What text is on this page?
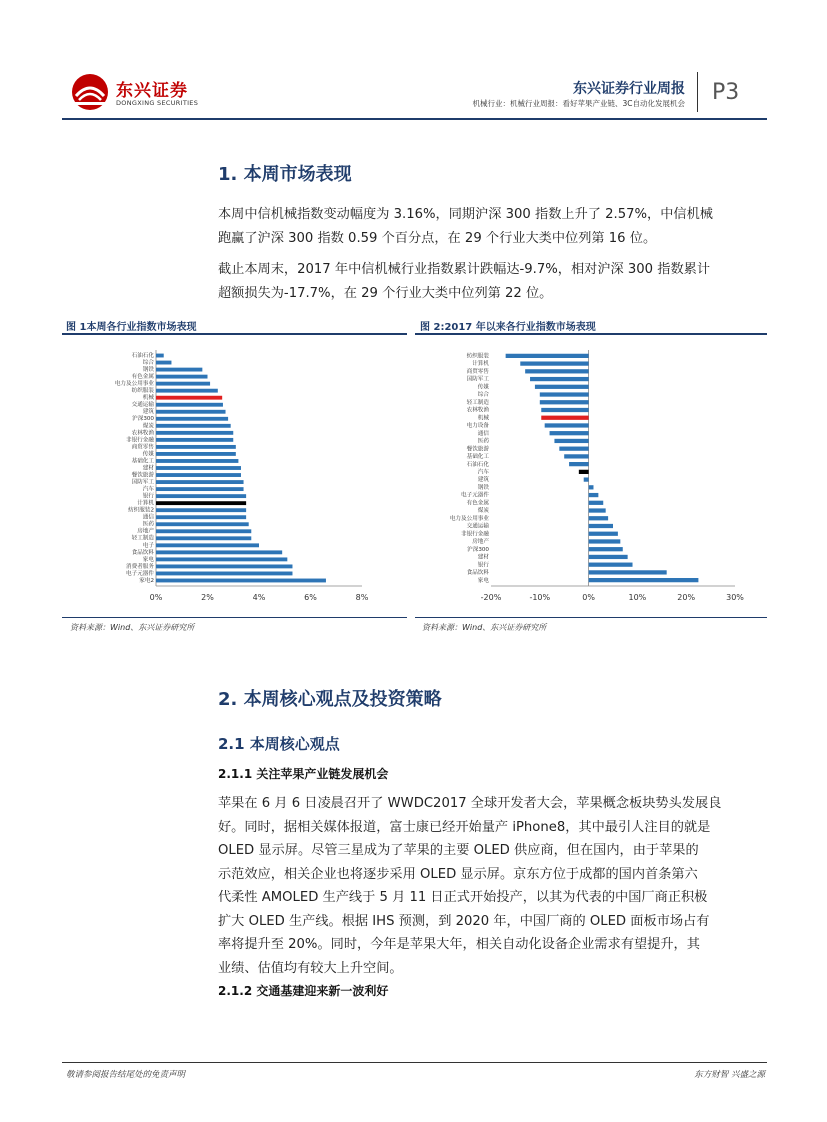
东兴证券
DONGXING SECURITIES
东兴证券行业周报
机械行业：机械行业周报：看好苹果产业链、3C自动化发展机会 P3
1. 本周市场表现
本周中信机械指数变动幅度为 3.16%，同期沪深 300 指数上升了 2.57%，中信机械
跑赢了沪深 300 指数 0.59 个百分点，在 29 个行业大类中位列第 16 位。
截止本周末，2017 年中信机械行业指数累计跌幅达-9.7%，相对沪深 300 指数累计
超额损失为-17.7%，在 29 个行业大类中位列第 22 位。
图 1本周各行业指数市场表现
石油石化
综合
钢铁
有色金属
电力及公用事业
纺织服装
机械
交通运输
建筑
沪深300
煤炭
农林牧渔
非银行金融
商贸零售
传媒
基础化工
建材
餐饮旅游
国防军工
汽车
银行
计算机
纺织服装2
通信
医药
房地产
轻工制造
电子
食品饮料
家电
消费者服务
电子元器件
家电2
0%	2%	4%	6%	8%
资料来源：Wind、东兴证券研究所
图 2:2017 年以来各行业指数市场表现
纺织服装
计算机
商贸零售
国防军工
传媒
综合
轻工制造
农林牧渔
机械
电力设备
通信
医药
餐饮旅游
基础化工
石油石化
汽车
建筑
钢铁
电子元器件
有色金属
煤炭
电力及公用事业
交通运输
非银行金融
房地产
沪深300
建材
银行
食品饮料
家电
-20%	-10%	0%	10%	20%	30%
资料来源：Wind、东兴证券研究所
2. 本周核心观点及投资策略
2.1 本周核心观点
2.1.1 关注苹果产业链发展机会
苹果在 6 月 6 日凌晨召开了 WWDC2017 全球开发者大会，苹果概念板块势头发展良
好。同时，据相关媒体报道，富士康已经开始量产 iPhone8，其中最引人注目的就是
OLED 显示屏。尽管三星成为了苹果的主要 OLED 供应商，但在国内，由于苹果的
示范效应，相关企业也将逐步采用 OLED 显示屏。京东方位于成都的国内首条第六
代柔性 AMOLED 生产线于 5 月 11 日正式开始投产，以其为代表的中国厂商正积极
扩大 OLED 生产线。根据 IHS 预测，到 2020 年，中国厂商的 OLED 面板市场占有
率将提升至 20%。同时，今年是苹果大年，相关自动化设备企业需求有望提升，其
业绩、估值均有较大上升空间。
2.1.2 交通基建迎来新一波利好
敬请参阅报告结尾处的免责声明	东方财智 兴盛之源
